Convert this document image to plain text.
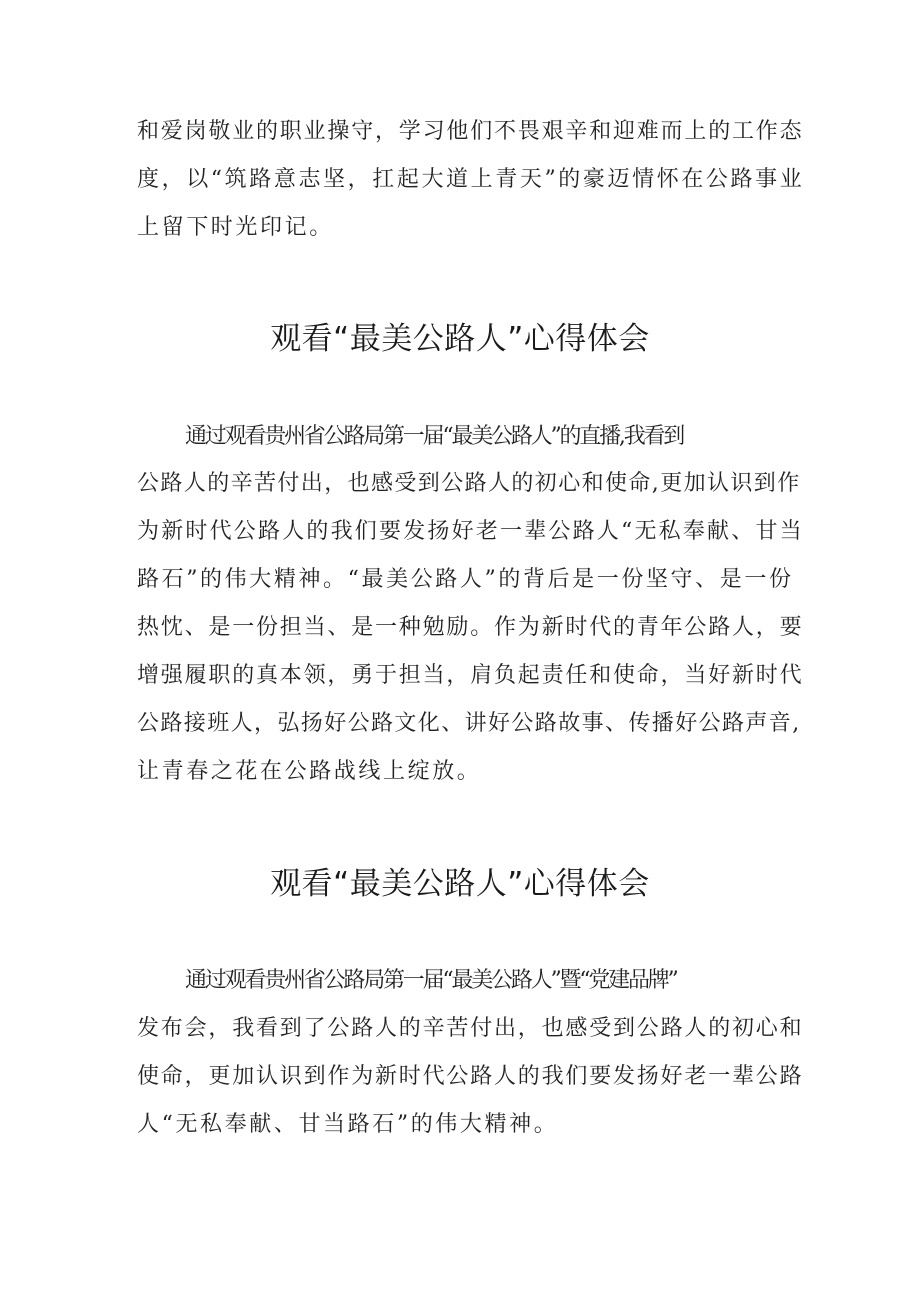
和爱岗敬业的职业操守，学习他们不畏艰辛和迎难而上的工作态
度，以“筑路意志坚，扛起大道上青天”的豪迈情怀在公路事业
上留下时光印记。
观看“最美公路人”心得体会
通过观看贵州省公路局第一届“最美公路人”的直播,我看到
公路人的辛苦付出，也感受到公路人的初心和使命,更加认识到作
为新时代公路人的我们要发扬好老一辈公路人“无私奉献、甘当
路石”的伟大精神。“最美公路人”的背后是一份坚守、是一份
热忱、是一份担当、是一种勉励。作为新时代的青年公路人，要
增强履职的真本领，勇于担当，肩负起责任和使命，当好新时代
公路接班人，弘扬好公路文化、讲好公路故事、传播好公路声音,
让青春之花在公路战线上绽放。
观看“最美公路人”心得体会
通过观看贵州省公路局第一届“最美公路人”暨“党建品牌”
发布会，我看到了公路人的辛苦付出，也感受到公路人的初心和
使命，更加认识到作为新时代公路人的我们要发扬好老一辈公路
人“无私奉献、甘当路石”的伟大精神。
